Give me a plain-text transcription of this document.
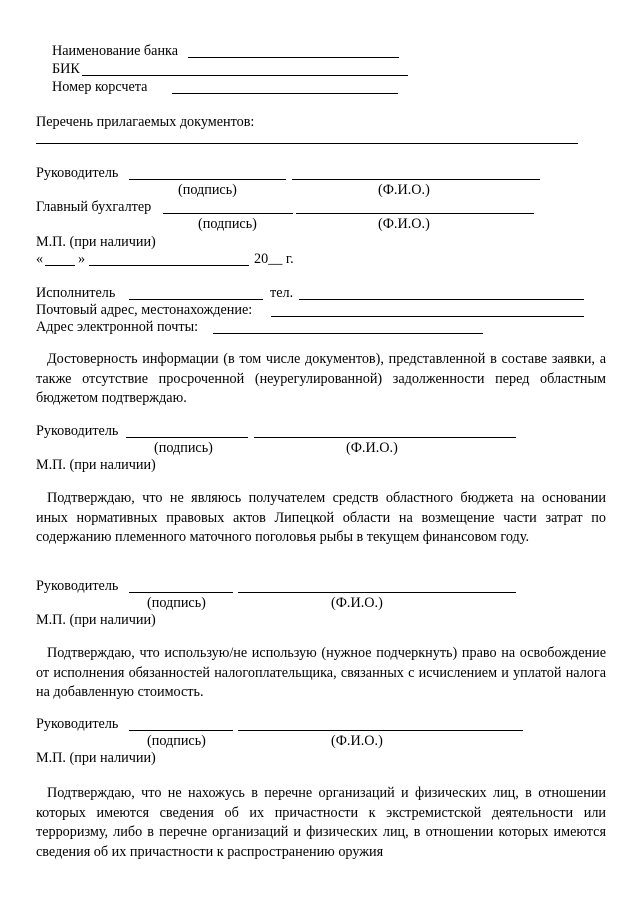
Наименование банка
БИК
Номер корсчета
Перечень прилагаемых документов:
Руководитель
(подпись)	(Ф.И.О.)
Главный бухгалтер
(подпись)	(Ф.И.О.)
М.П. (при наличии)
« »	20__ г.
Исполнитель	тел.
Почтовый адрес, местонахождение:
Адрес электронной почты:
Достоверность информации (в том числе документов), представленной в составе заявки, а также отсутствие просроченной (неурегулированной) задолженности перед областным бюджетом подтверждаю.
Руководитель
(подпись)	(Ф.И.О.)
М.П. (при наличии)
Подтверждаю, что не являюсь получателем средств областного бюджета на основании иных нормативных правовых актов Липецкой области на возмещение части затрат по содержанию племенного маточного поголовья рыбы в текущем финансовом году.
Руководитель
(подпись)	(Ф.И.О.)
М.П. (при наличии)
Подтверждаю, что использую/не использую (нужное подчеркнуть) право на освобождение от исполнения обязанностей налогоплательщика, связанных с исчислением и уплатой налога на добавленную стоимость.
Руководитель
(подпись)	(Ф.И.О.)
М.П. (при наличии)
Подтверждаю, что не нахожусь в перечне организаций и физических лиц, в отношении которых имеются сведения об их причастности к экстремистской деятельности или терроризму, либо в перечне организаций и физических лиц, в отношении которых имеются сведения об их причастности к распространению оружия
